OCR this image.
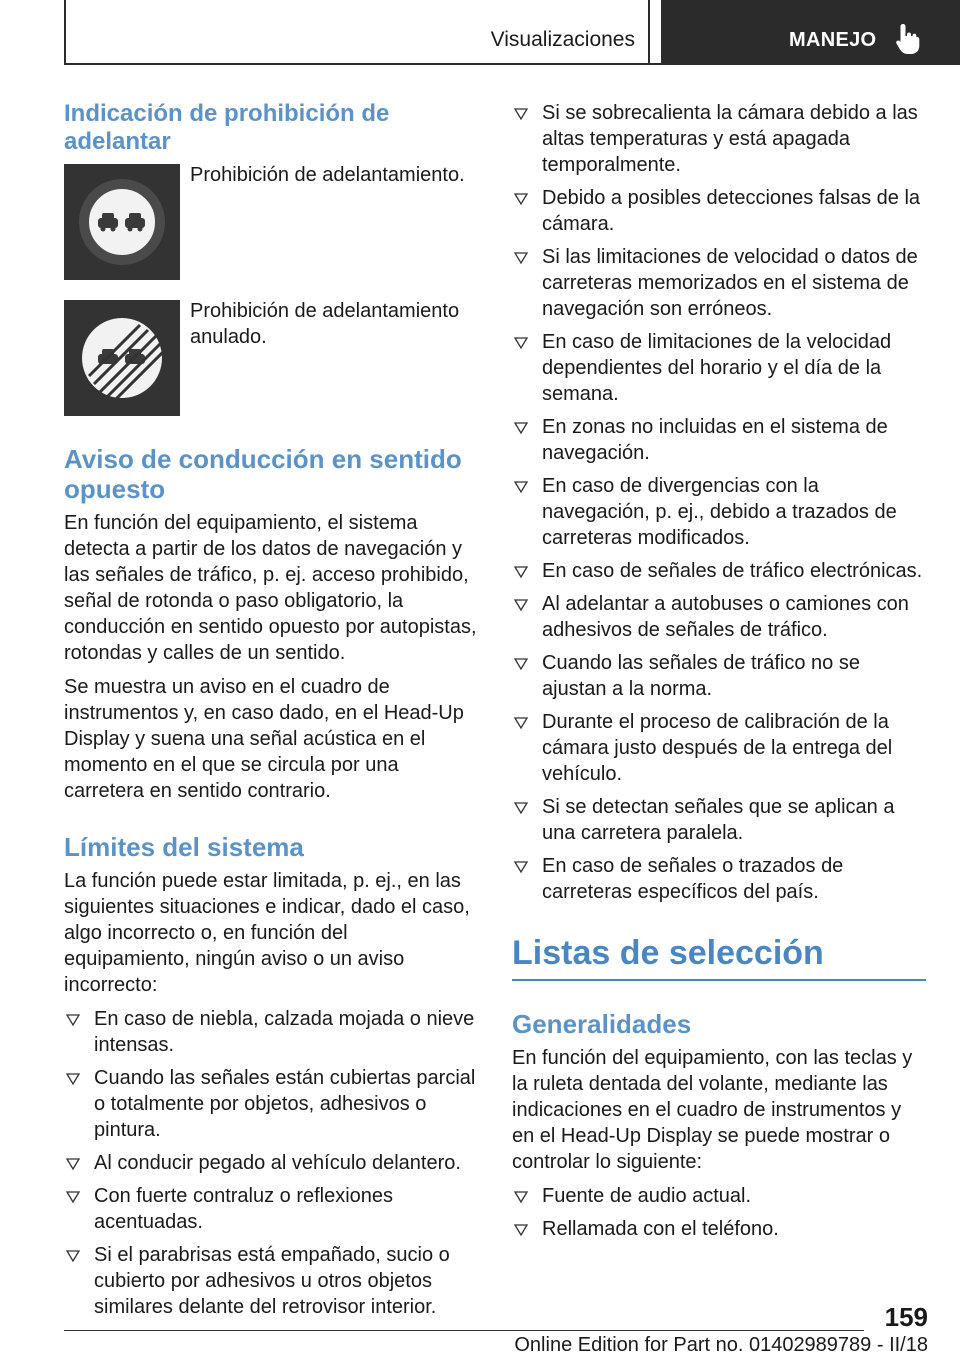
Visualizaciones	MANEJO
Indicación de prohibición de adelantar
Prohibición de adelantamiento.
Prohibición de adelantamiento anulado.
Aviso de conducción en sentido opuesto

En función del equipamiento, el sistema detecta a partir de los datos de navegación y las señales de tráfico, p. ej. acceso prohibido, señal de rotonda o paso obligatorio, la conducción en sentido opuesto por autopistas, rotondas y calles de un sentido.

Se muestra un aviso en el cuadro de instrumentos y, en caso dado, en el Head-Up Display y suena una señal acústica en el momento en el que se circula por una carretera en sentido contrario.

Límites del sistema

La función puede estar limitada, p. ej., en las siguientes situaciones e indicar, dado el caso, algo incorrecto o, en función del equipamiento, ningún aviso o un aviso incorrecto:

En caso de niebla, calzada mojada o nieve intensas.
Cuando las señales están cubiertas parcial o totalmente por objetos, adhesivos o pintura.
Al conducir pegado al vehículo delantero.
Con fuerte contraluz o reflexiones acentuadas.
Si el parabrisas está empañado, sucio o cubierto por adhesivos u otros objetos similares delante del retrovisor interior.
Si se sobrecalienta la cámara debido a las altas temperaturas y está apagada temporalmente.
Debido a posibles detecciones falsas de la cámara.
Si las limitaciones de velocidad o datos de carreteras memorizados en el sistema de navegación son erróneos.
En caso de limitaciones de la velocidad dependientes del horario y el día de la semana.
En zonas no incluidas en el sistema de navegación.
En caso de divergencias con la navegación, p. ej., debido a trazados de carreteras modificados.
En caso de señales de tráfico electrónicas.
Al adelantar a autobuses o camiones con adhesivos de señales de tráfico.
Cuando las señales de tráfico no se ajustan a la norma.
Durante el proceso de calibración de la cámara justo después de la entrega del vehículo.
Si se detectan señales que se aplican a una carretera paralela.
En caso de señales o trazados de carreteras específicos del país.
Listas de selección
Generalidades

En función del equipamiento, con las teclas y la ruleta dentada del volante, mediante las indicaciones en el cuadro de instrumentos y en el Head-Up Display se puede mostrar o controlar lo siguiente:

Fuente de audio actual.
Rellamada con el teléfono.
159
Online Edition for Part no. 01402989789 - II/18
